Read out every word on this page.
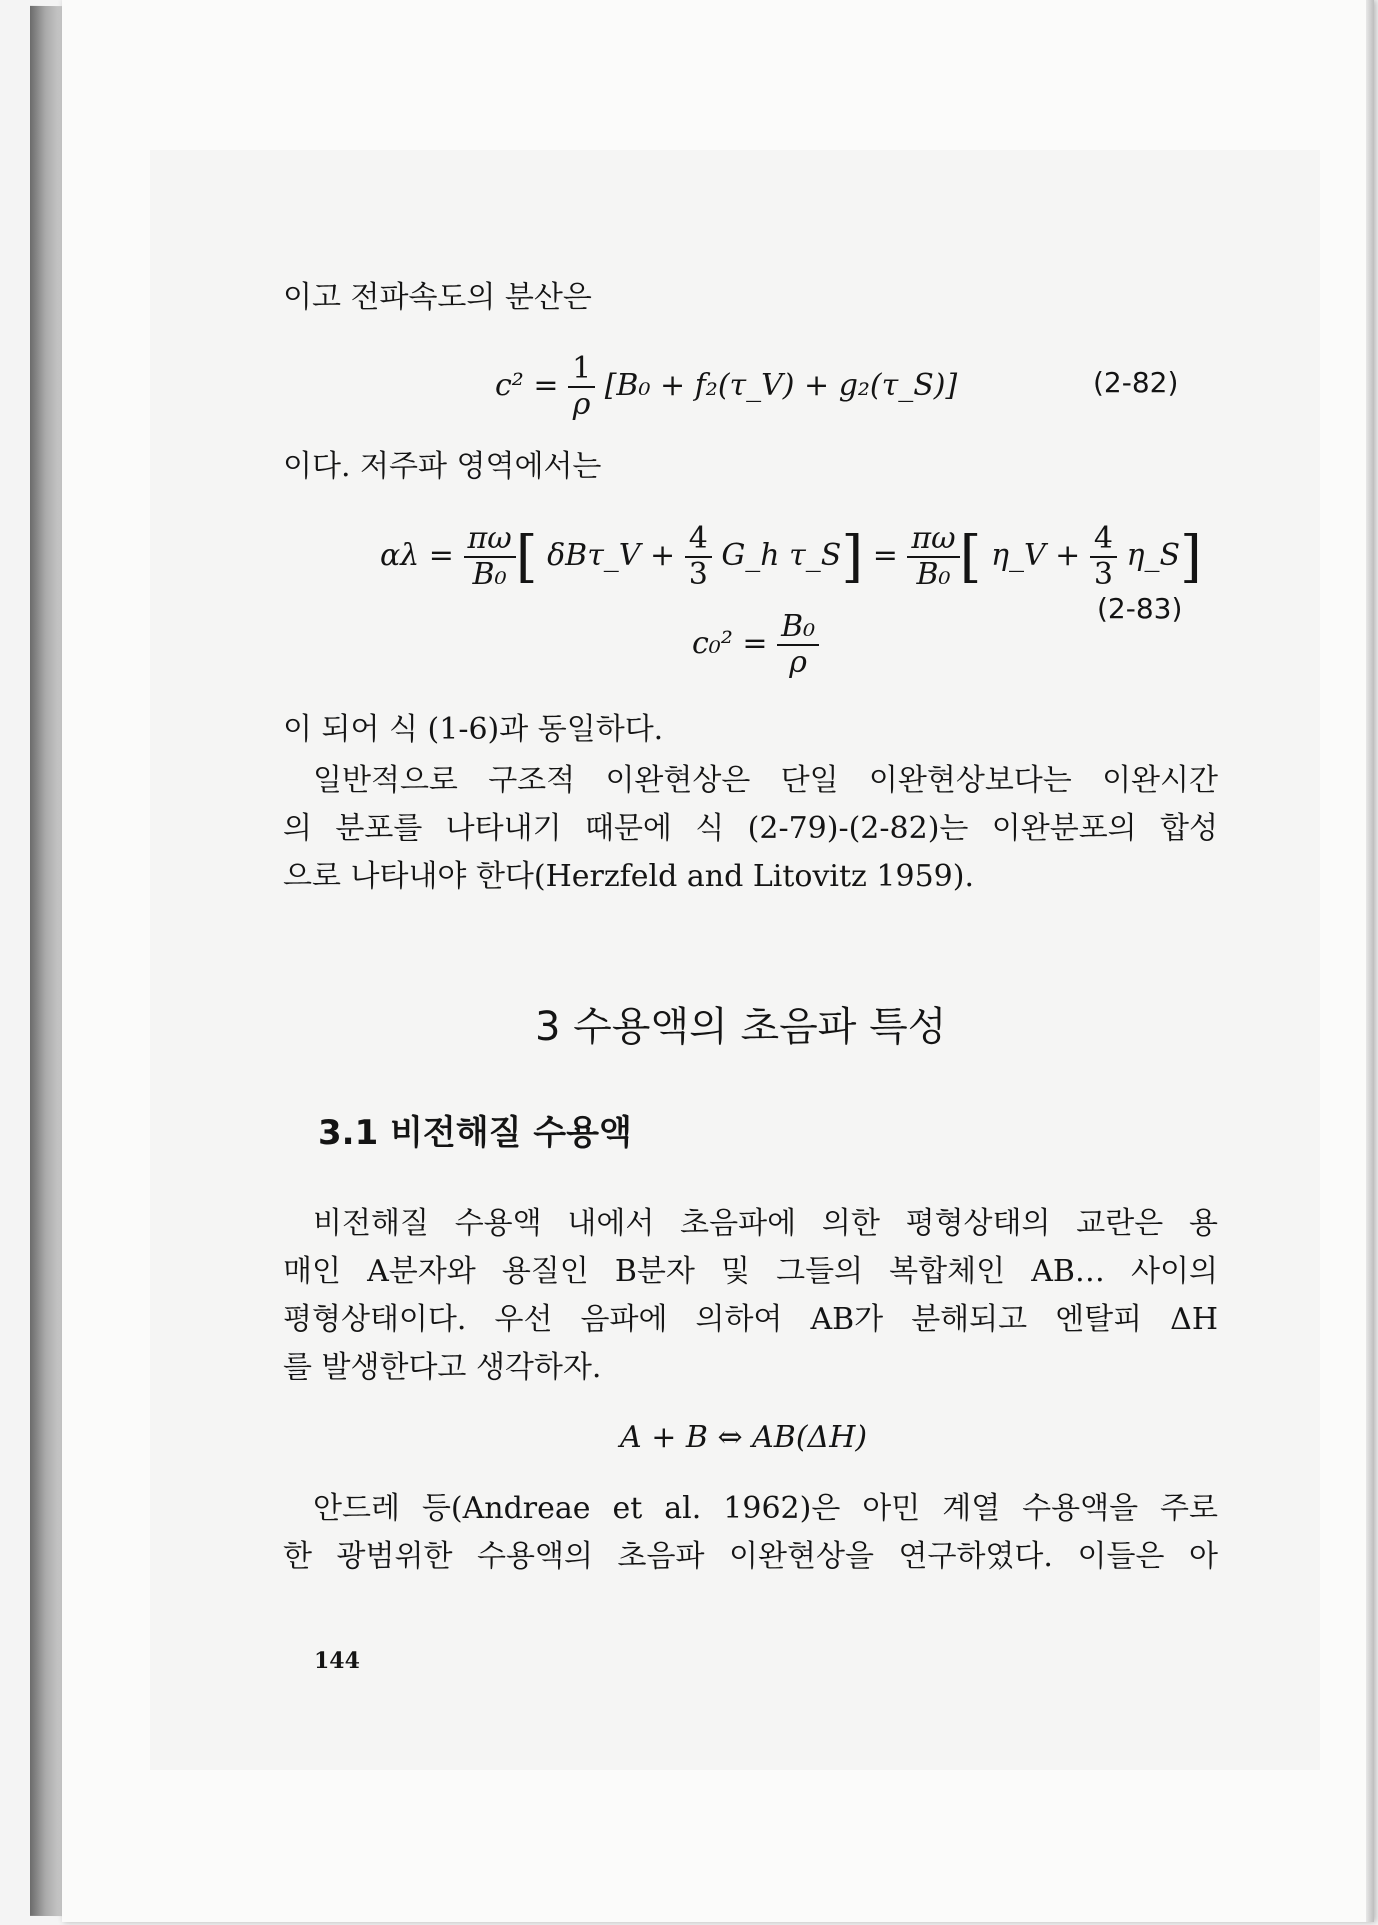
이고 전파속도의 분산은
$c^2 = \frac{1}{\rho} [B_0$ + f₂(τ_V) + g₂(τ_S)]	(2-82)
이다. 저주파 영역에서는
$\alpha\lambda = \frac{\pi\omega}{\text{B₀}}$ [ δBτ_V + $\frac{4}{3}$ G_h τ_S] = $\frac{\pi\omega}{\text{B₀}}$ [ η_V + $\frac{4}{3}$ η_S]
$c_0^2 = \frac{\text{B₀}}{\rho}$
(2-83)
이 되어 식 (1-6)과 동일하다.

일반적으로 구조적 이완현상은 단일 이완현상보다는 이완시간

의 분포를 나타내기 때문에 식 (2-79)-(2-82)는 이완분포의 합성

으로 나타내야 한다(Herzfeld and Litovitz 1959).

3 수용액의 초음파 특성
3.1 비전해질 수용액

비전해질 수용액 내에서 초음파에 의한 평형상태의 교란은 용

매인 A분자와 용질인 B분자 및 그들의 복합체인 AB… 사이의

평형상태이다. 우선 음파에 의하여 AB가 분해되고 엔탈피 ΔH

를 발생한다고 생각하자.

A + B ⇔ AB(ΔH)

안드레 등(Andreae et al. 1962)은 아민 계열 수용액을 주로

한 광범위한 수용액의 초음파 이완현상을 연구하였다. 이들은 아

144
